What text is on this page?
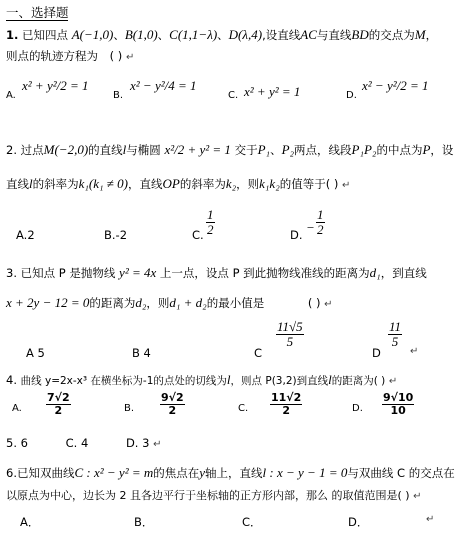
一、选择题
1. 已知四点 A(−1,0)、B(1,0)、C(1,1−λ)、D(λ,4),设直线AC与直线BD的交点为M，
则点的轨迹方程为 ( ) ↵
A.
x² + y²/2 = 1
B.
x² − y²/4 = 1
C. x² + y² = 1	D.
x² − y²/2 = 1
2. 过点M(−2,0)的直线l与椭圆 x²/2 + y² = 1 交于P₁、P₂两点，线段P₁P₂的中点为P，设
直线l的斜率为k₁(k₁ ≠ 0)，直线OP的斜率为k₂，则k₁k₂的值等于( ) ↵
A.2	B.-2	C.
1
2	D. −
1
2
3. 已知点 P 是抛物线 y² = 4x 上一点，设点 P 到此抛物线准线的距离为d₁，到直线
x + 2y − 12 = 0的距离为d₂，则d₁ + d₂的最小值是	( ) ↵
A 5	B 4	C
11√5
5
D
11
5
↵
4. 曲线 y=2x-x³ 在横坐标为-1的点处的切线为l，则点 P(3,2)到直线l的距离为( ) ↵
A.
7√2
2	B.
9√2
2	C.
11√2
2	D.
9√10
10
5. 6	C. 4	D. 3 ↵
6.已知双曲线C : x² − y² = m的焦点在y轴上，直线l : x − y − 1 = 0与双曲线 C 的交点在
以原点为中心，边长为 2 且各边平行于坐标轴的正方形内部，那么 的取值范围是( ) ↵
A．	B．	C．	D．	↵
